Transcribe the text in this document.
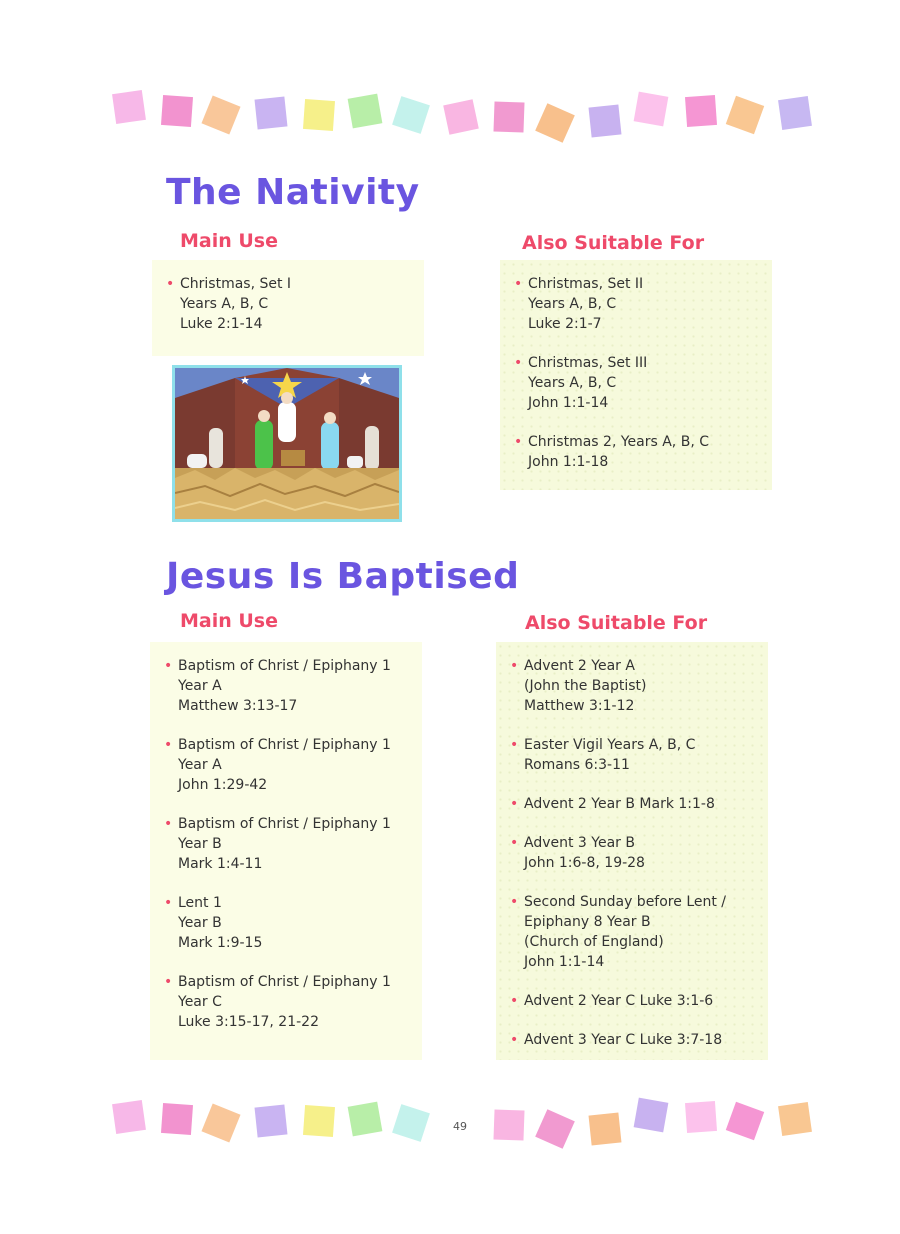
The Nativity
Main Use	Also Suitable For
• Christmas, Set I
Years A, B, C
Luke 2:1-14
• Christmas, Set II
Years A, B, C
Luke 2:1-7
• Christmas, Set III
Years A, B, C
John 1:1-14
• Christmas 2, Years A, B, C
John 1:1-18
Jesus Is Baptised
Main Use	Also Suitable For
• Baptism of Christ / Epiphany 1
Year A
Matthew 3:13-17
• Baptism of Christ / Epiphany 1
Year A
John 1:29-42
• Baptism of Christ / Epiphany 1
Year B
Mark 1:4-11
• Lent 1
Year B
Mark 1:9-15
• Baptism of Christ / Epiphany 1
Year C
Luke 3:15-17, 21-22
• Advent 2 Year A
(John the Baptist)
Matthew 3:1-12
• Easter Vigil Years A, B, C
Romans 6:3-11
• Advent 2 Year B Mark 1:1-8
• Advent 3 Year B
John 1:6-8, 19-28
• Second Sunday before Lent /
Epiphany 8 Year B
(Church of England)
John 1:1-14
• Advent 2 Year C Luke 3:1-6
• Advent 3 Year C Luke 3:7-18
49
